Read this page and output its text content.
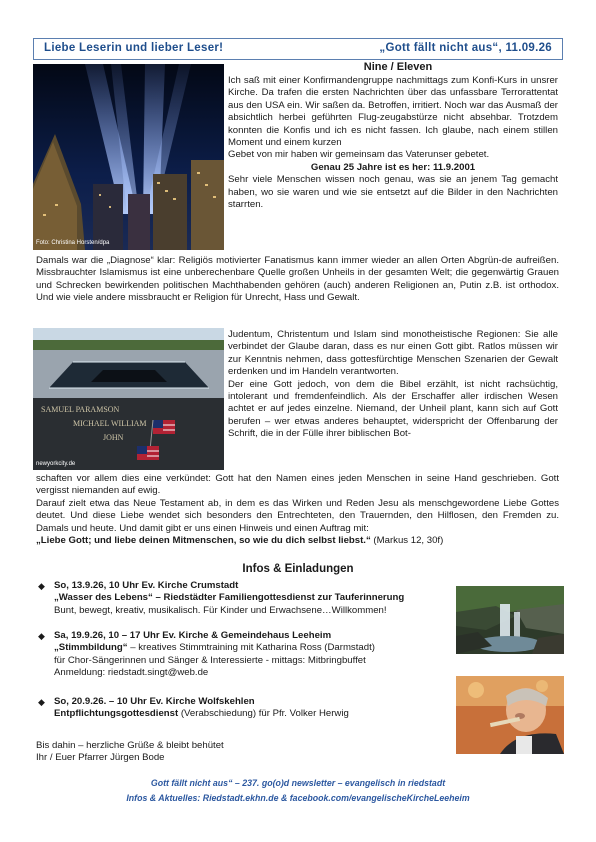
Liebe Leserin und lieber Leser!	„Gott fällt nicht aus“, 11.09.26
Foto: Christina Horsten/dpa
Nine / Eleven

Ich saß mit einer Konfirmandengruppe nachmittags zum Konfi-Kurs in unsrer Kirche. Da trafen die ersten Nachrichten über das unfassbare Terrorattentat aus den USA ein. Wir saßen da. Betroffen, irritiert. Noch war das Ausmaß der absichtlich herbei geführten Flug-zeugabstürze nicht absehbar. Trotzdem konnten die Konfis und ich es nicht fassen. Ich glaube, nach einem stillen Moment und einem kurzen

Gebet von mir haben wir gemeinsam das Vaterunser gebetet.

Genau 25 Jahre ist es her: 11.9.2001

Sehr viele Menschen wissen noch genau, was sie an jenem Tag gemacht haben, wo sie waren und wie sie entsetzt auf die Bilder in den Nachrichten starrten.

Damals war die „Diagnose“ klar: Religiös motivierter Fanatismus kann immer wieder an allen Orten Abgrün-de aufreißen. Missbrauchter Islamismus ist eine unberechenbare Quelle großen Unheils in der gesamten Welt; die gegenwärtig Grauen und Schrecken bewirkenden politischen Machthabenden gehören (auch) anderen Religionen an, Putin z.B. ist orthodox. Und wie viele andere missbraucht er Religion für Unrecht, Hass und Gewalt.

SAMUEL PARAMSON
MICHAEL WILLIAM
JOHN
newyorkcity.de

Judentum, Christentum und Islam sind monotheistische Regionen: Sie alle verbindet der Glaube daran, dass es nur einen Gott gibt. Ratlos müssen wir zur Kenntnis nehmen, dass gottesfürchtige Menschen Szenarien der Gewalt erdenken und im Handeln verantworten.

Der eine Gott jedoch, von dem die Bibel erzählt, ist nicht rachsüchtig, intolerant und fremdenfeindlich. Als der Erschaffer aller irdischen Wesen achtet er auf jedes einzelne. Niemand, der Unheil plant, kann sich auf Gott berufen – wer etwas anderes behauptet, widerspricht der Offenbarung der Schrift, die in der Fülle ihrer biblischen Bot-

schaften vor allem dies eine verkündet: Gott hat den Namen eines jeden Menschen in seine Hand geschrieben. Gott vergisst niemanden auf ewig.

Darauf zielt etwa das Neue Testament ab, in dem es das Wirken und Reden Jesu als menschgewordene Liebe Gottes deutet. Und diese Liebe wendet sich besonders den Entrechteten, den Trauernden, den Hilflosen, den Fremden zu. Damals und heute. Und damit gibt er uns einen Hinweis und einen Auftrag mit:

„Liebe Gott; und liebe deinen Mitmenschen, so wie du dich selbst liebst.“ (Markus 12, 30f)

Infos & Einladungen
◆ So, 13.9.26, 10 Uhr Ev. Kirche Crumstadt
„Wasser des Lebens“ – Riedstädter Familiengottesdienst zur Tauferinnerung
Bunt, bewegt, kreativ, musikalisch. Für Kinder und Erwachsene…Willkommen!
◆ Sa, 19.9.26, 10 – 17 Uhr Ev. Kirche & Gemeindehaus Leeheim
„Stimmbildung“ – kreatives Stimmtraining mit Katharina Ross (Darmstadt)
für Chor-Sängerinnen und Sänger & Interessierte - mittags: Mitbringbuffet
Anmeldung: riedstadt.singt@web.de
◆ So, 20.9.26. – 10 Uhr Ev. Kirche Wolfskehlen
Entpflichtungsgottesdienst (Verabschiedung) für Pfr. Volker Herwig

Bis dahin – herzliche Grüße & bleibt behütet

Ihr / Euer Pfarrer Jürgen Bode

Gott fällt nicht aus“ – 237. go(o)d newsletter – evangelisch in riedstadt
Infos & Aktuelles: Riedstadt.ekhn.de & facebook.com/evangelischeKircheLeeheim
